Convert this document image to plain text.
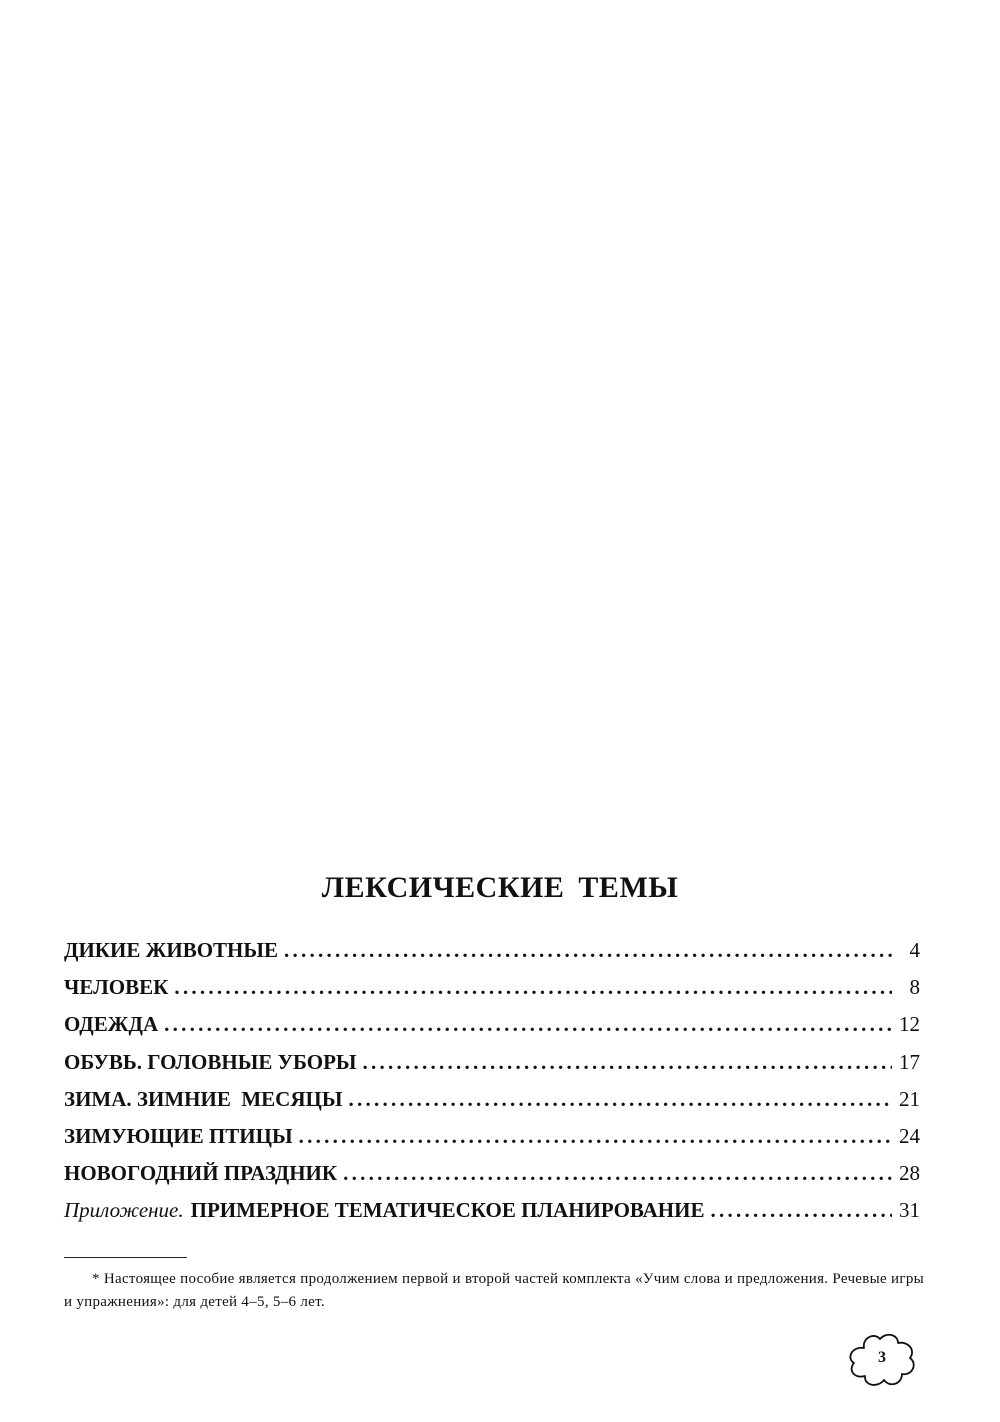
ЛЕКСИЧЕСКИЕ ТЕМЫ
ДИКИЕ ЖИВОТНЫЕ . . .	4
ЧЕЛОВЕК . . .	8
ОДЕЖДА . . .	12
ОБУВЬ. ГОЛОВНЫЕ УБОРЫ . . .	17
ЗИМА. ЗИМНИЕ  МЕСЯЦЫ . . .	21
ЗИМУЮЩИЕ ПТИЦЫ . . .	24
НОВОГОДНИЙ ПРАЗДНИК . . .	28
Приложение. ПРИМЕРНОЕ ТЕМАТИЧЕСКОЕ ПЛАНИРОВАНИЕ . . .	31
* Настоящее пособие является продолжением первой и второй частей комплекта «Учим слова и предложения. Речевые игры и упражнения»: для детей 4–5, 5–6 лет.
3
